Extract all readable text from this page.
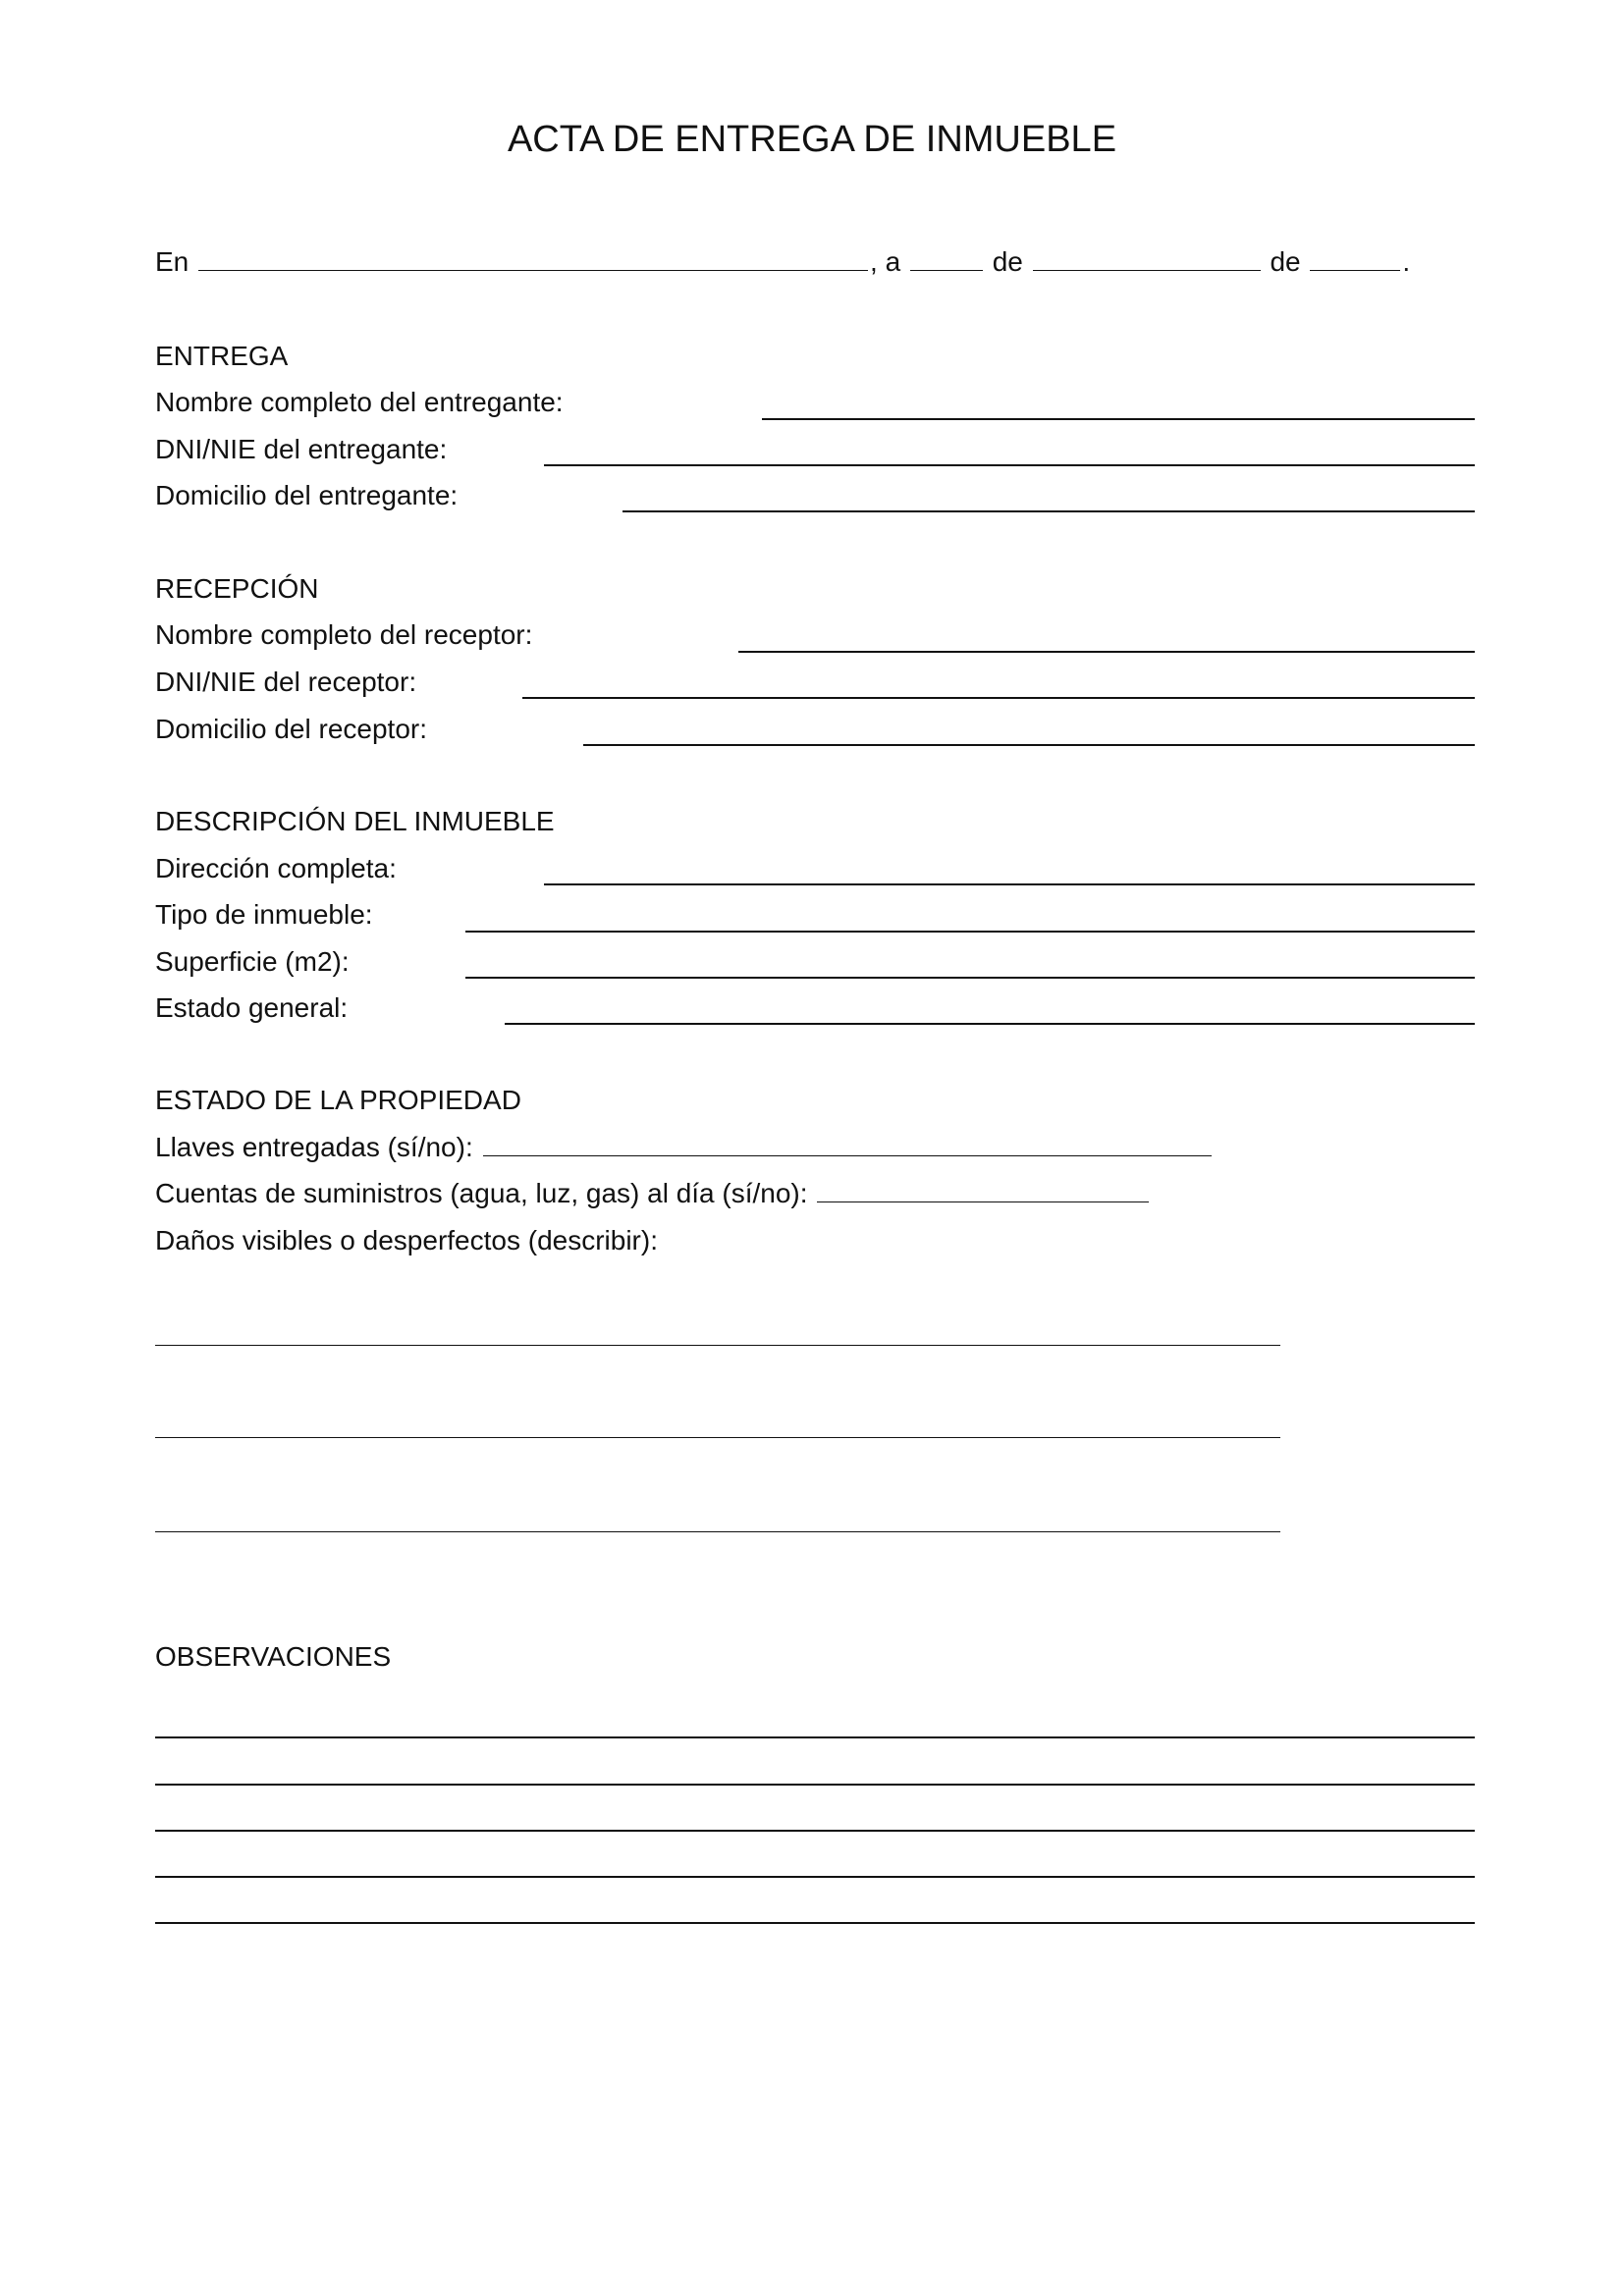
ACTA DE ENTREGA DE INMUEBLE
En	, a	de	de	.
ENTREGA
Nombre completo del entregante:
DNI/NIE del entregante:
Domicilio del entregante:
RECEPCIÓN
Nombre completo del receptor:
DNI/NIE del receptor:
Domicilio del receptor:
DESCRIPCIÓN DEL INMUEBLE
Dirección completa:
Tipo de inmueble:
Superficie (m2):
Estado general:
ESTADO DE LA PROPIEDAD
Llaves entregadas (sí/no):
Cuentas de suministros (agua, luz, gas) al día (sí/no):
Daños visibles o desperfectos (describir):
OBSERVACIONES
